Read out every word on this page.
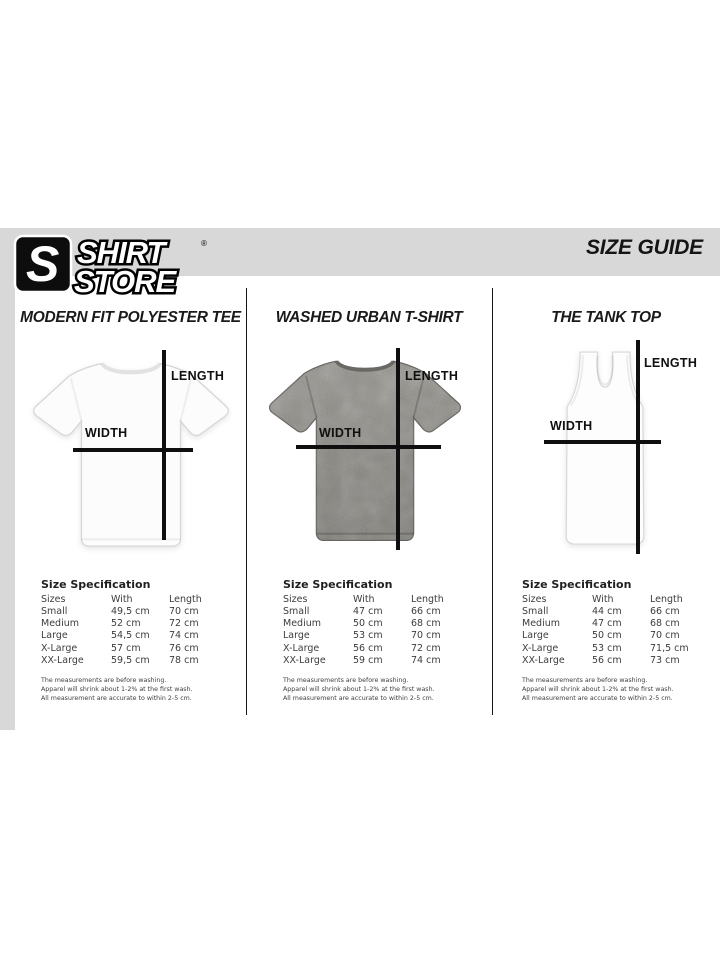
S SHIRT
STORE
®	SIZE GUIDE
MODERN FIT POLYESTER TEE
LENGTH
WIDTH
Size Specification
Sizes	With	Length
Small	49,5 cm	70 cm
Medium	52 cm	72 cm
Large	54,5 cm	74 cm
X-Large	57 cm	76 cm
XX-Large	59,5 cm	78 cm
The measurements are before washing.
Apparel will shrink about 1-2% at the first wash.
All measurement are accurate to within 2-5 cm.
WASHED URBAN T-SHIRT
LENGTH
WIDTH
Size Specification
Sizes	With	Length
Small	47 cm	66 cm
Medium	50 cm	68 cm
Large	53 cm	70 cm
X-Large	56 cm	72 cm
XX-Large	59 cm	74 cm
The measurements are before washing.
Apparel will shrink about 1-2% at the first wash.
All measurement are accurate to within 2-5 cm.
THE TANK TOP
LENGTH
WIDTH
Size Specification
Sizes	With	Length
Small	44 cm	66 cm
Medium	47 cm	68 cm
Large	50 cm	70 cm
X-Large	53 cm	71,5 cm
XX-Large	56 cm	73 cm
The measurements are before washing.
Apparel will shrink about 1-2% at the first wash.
All measurement are accurate to within 2-5 cm.
